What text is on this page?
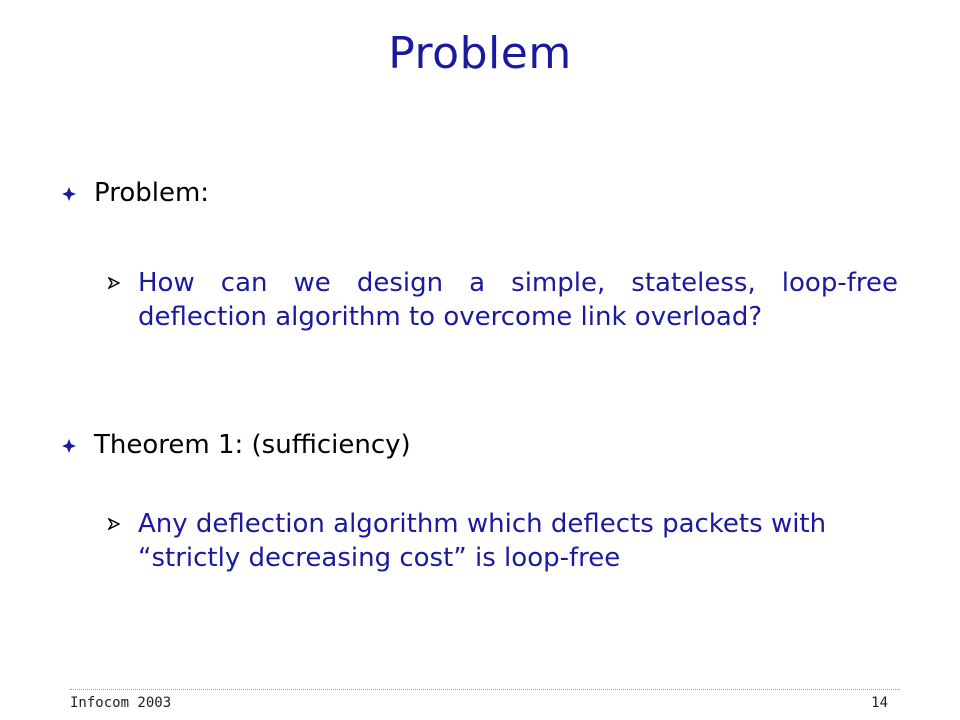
Problem
Problem:
How can we design a simple, stateless, loop-free deflection algorithm to overcome link overload?
Theorem 1: (sufficiency)
Any deflection algorithm which deflects packets with “strictly decreasing cost” is loop-free
Infocom 2003	14
